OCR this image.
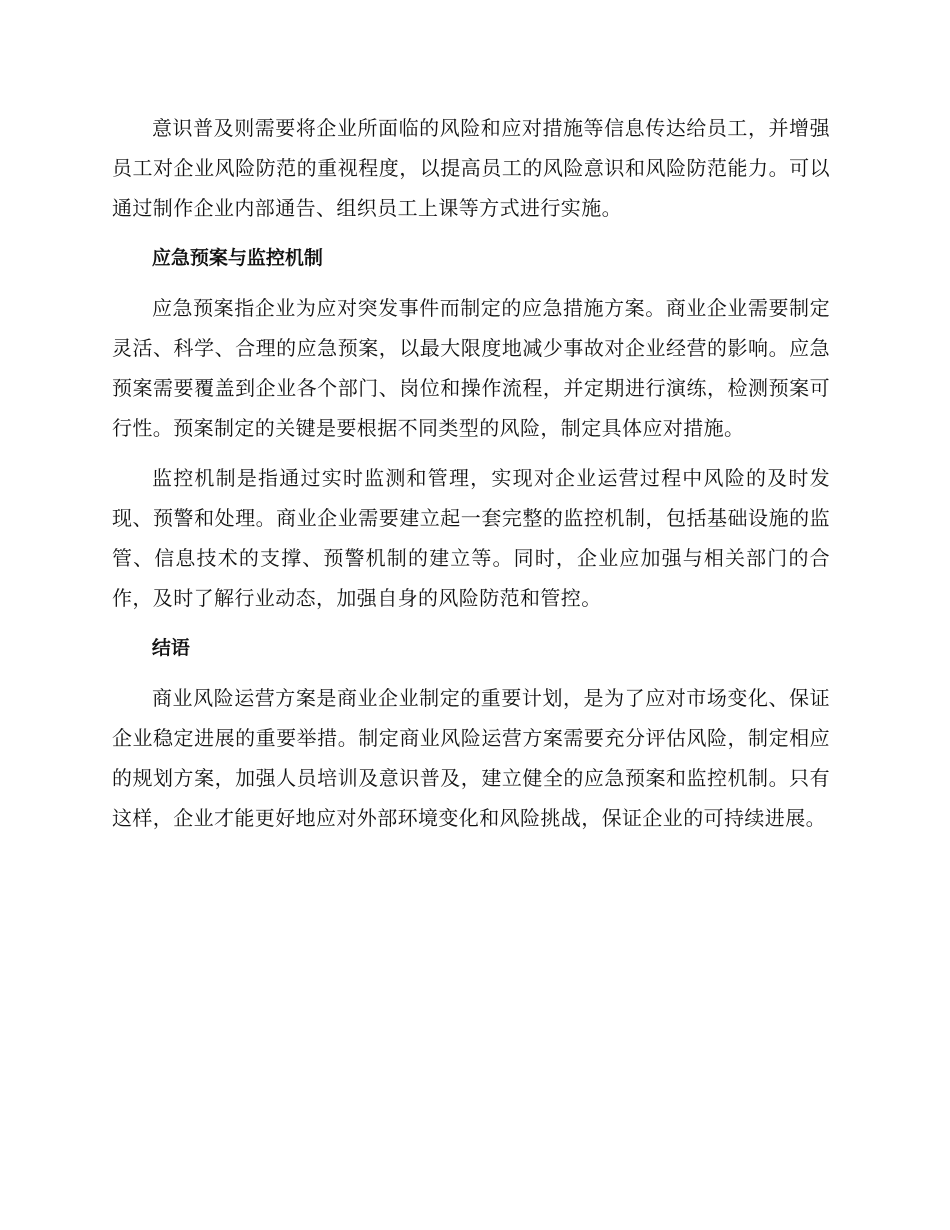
意识普及则需要将企业所面临的风险和应对措施等信息传达给员工，并增强员工对企业风险防范的重视程度，以提高员工的风险意识和风险防范能力。可以通过制作企业内部通告、组织员工上课等方式进行实施。

应急预案与监控机制

应急预案指企业为应对突发事件而制定的应急措施方案。商业企业需要制定灵活、科学、合理的应急预案，以最大限度地减少事故对企业经营的影响。应急预案需要覆盖到企业各个部门、岗位和操作流程，并定期进行演练，检测预案可行性。预案制定的关键是要根据不同类型的风险，制定具体应对措施。

监控机制是指通过实时监测和管理，实现对企业运营过程中风险的及时发现、预警和处理。商业企业需要建立起一套完整的监控机制，包括基础设施的监管、信息技术的支撑、预警机制的建立等。同时，企业应加强与相关部门的合作，及时了解行业动态，加强自身的风险防范和管控。

结语

商业风险运营方案是商业企业制定的重要计划，是为了应对市场变化、保证企业稳定进展的重要举措。制定商业风险运营方案需要充分评估风险，制定相应的规划方案，加强人员培训及意识普及，建立健全的应急预案和监控机制。只有这样，企业才能更好地应对外部环境变化和风险挑战，保证企业的可持续进展。
